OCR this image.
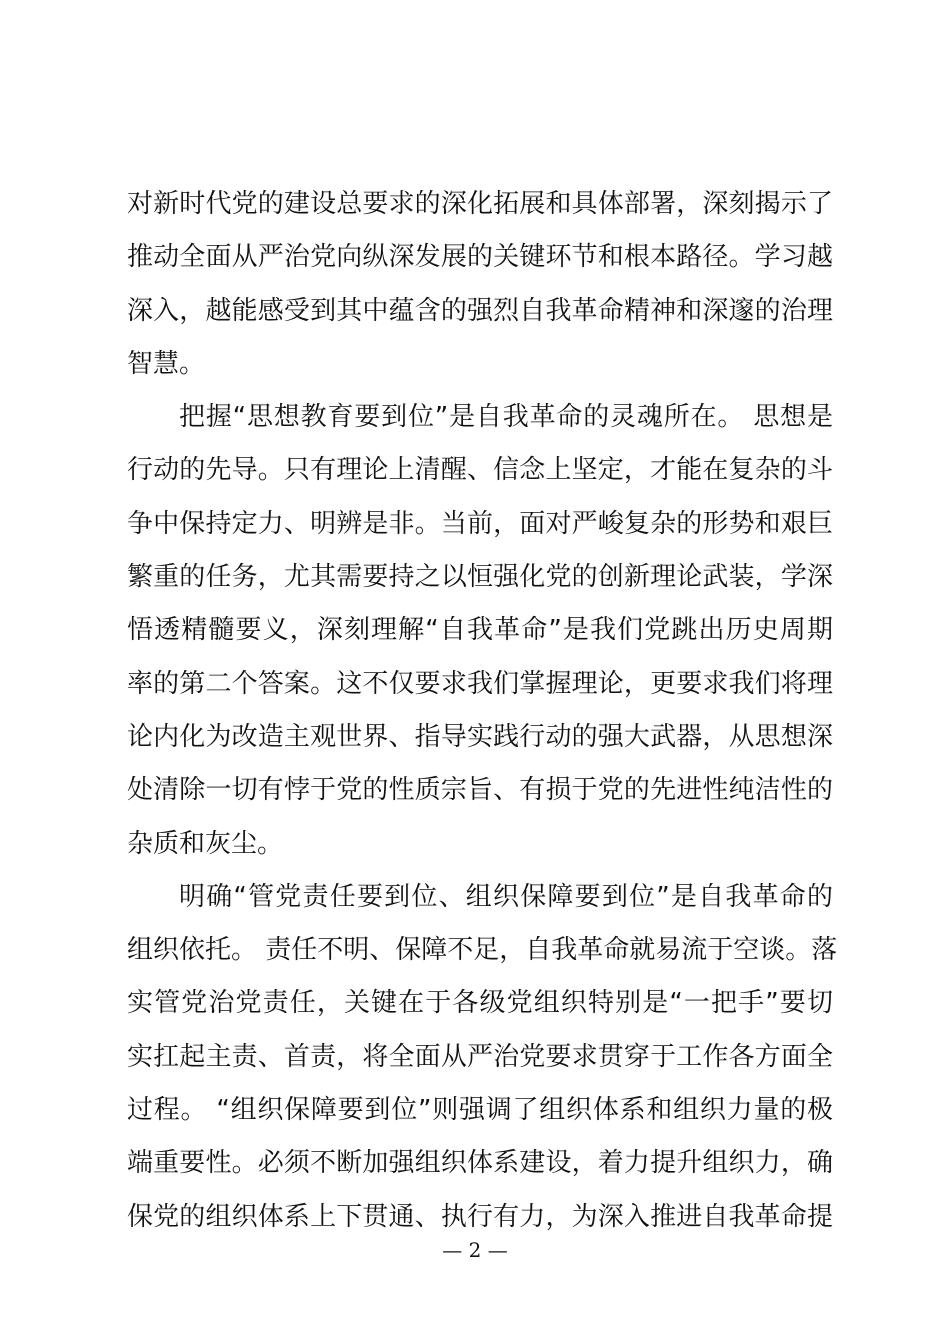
对新时代党的建设总要求的深化拓展和具体部署，深刻揭示了
推动全面从严治党向纵深发展的关键环节和根本路径。学习越
深入，越能感受到其中蕴含的强烈自我革命精神和深邃的治理
智慧。
把握“思想教育要到位”是自我革命的灵魂所在。 思想是
行动的先导。只有理论上清醒、信念上坚定，才能在复杂的斗
争中保持定力、明辨是非。当前，面对严峻复杂的形势和艰巨
繁重的任务，尤其需要持之以恒强化党的创新理论武装，学深
悟透精髓要义，深刻理解“自我革命”是我们党跳出历史周期
率的第二个答案。这不仅要求我们掌握理论，更要求我们将理
论内化为改造主观世界、指导实践行动的强大武器，从思想深
处清除一切有悖于党的性质宗旨、有损于党的先进性纯洁性的
杂质和灰尘。
明确“管党责任要到位、组织保障要到位”是自我革命的
组织依托。 责任不明、保障不足，自我革命就易流于空谈。落
实管党治党责任，关键在于各级党组织特别是“一把手”要切
实扛起主责、首责，将全面从严治党要求贯穿于工作各方面全
过程。 “组织保障要到位”则强调了组织体系和组织力量的极
端重要性。必须不断加强组织体系建设，着力提升组织力，确
保党的组织体系上下贯通、执行有力，为深入推进自我革命提
— 2 —
